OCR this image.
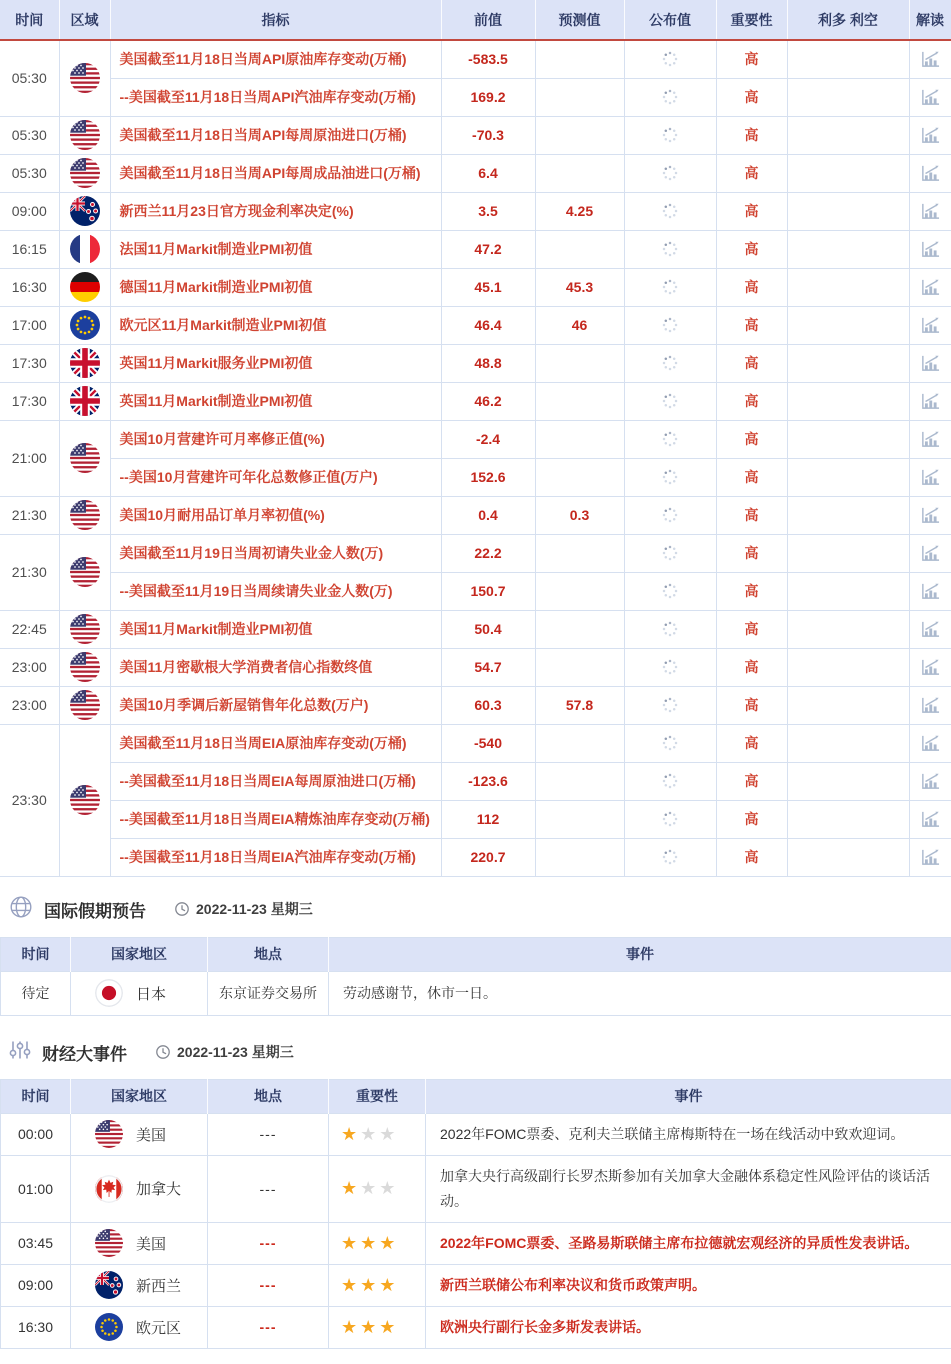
时间	区域	指标	前值	预测值	公布值	重要性	利多 利空	解读
05:30		美国截至11月18日当周API原油库存变动(万桶)	-583.5			高		

		--美国截至11月18日当周API汽油库存变动(万桶)	169.2			高		

05:30		美国截至11月18日当周API每周原油进口(万桶)	-70.3			高		

05:30		美国截至11月18日当周API每周成品油进口(万桶)	6.4			高		

09:00		新西兰11月23日官方现金利率决定(%)	3.5	4.25		高		

16:15		法国11月Markit制造业PMI初值	47.2			高		

16:30		德国11月Markit制造业PMI初值	45.1	45.3		高		

17:00		欧元区11月Markit制造业PMI初值	46.4	46		高		

17:30		英国11月Markit服务业PMI初值	48.8			高		

17:30		英国11月Markit制造业PMI初值	46.2			高		

21:00		美国10月营建许可月率修正值(%)	-2.4			高		

		--美国10月营建许可年化总数修正值(万户)	152.6			高		

21:30		美国10月耐用品订单月率初值(%)	0.4	0.3		高		

21:30		美国截至11月19日当周初请失业金人数(万)	22.2			高		

		--美国截至11月19日当周续请失业金人数(万)	150.7			高		

22:45		美国11月Markit制造业PMI初值	50.4			高		

23:00		美国11月密歇根大学消费者信心指数终值	54.7			高		

23:00		美国10月季调后新屋销售年化总数(万户)	60.3	57.8		高		

23:30		美国截至11月18日当周EIA原油库存变动(万桶)	-540			高		

		--美国截至11月18日当周EIA每周原油进口(万桶)	-123.6			高		

		--美国截至11月18日当周EIA精炼油库存变动(万桶)	112			高		

		--美国截至11月18日当周EIA汽油库存变动(万桶)	220.7			高		
国际假期预告	2022-11-23 星期三
时间	国家地区	地点	事件
待定	日本	东京证券交易所	劳动感谢节，休市一日。
财经大事件	2022-11-23 星期三
时间	国家地区	地点	重要性	事件
00:00	美国	---	★ ★ ★	2022年FOMC票委、克利夫兰联储主席梅斯特在一场在线活动中致欢迎词。
01:00	加拿大	---	★ ★ ★	加拿大央行高级副行长罗杰斯参加有关加拿大金融体系稳定性风险评估的谈话活动。
03:45	美国	---	★ ★ ★	2022年FOMC票委、圣路易斯联储主席布拉德就宏观经济的异质性发表讲话。
09:00	新西兰	---	★ ★ ★	新西兰联储公布利率决议和货币政策声明。
16:30	欧元区	---	★ ★ ★	欧洲央行副行长金多斯发表讲话。
